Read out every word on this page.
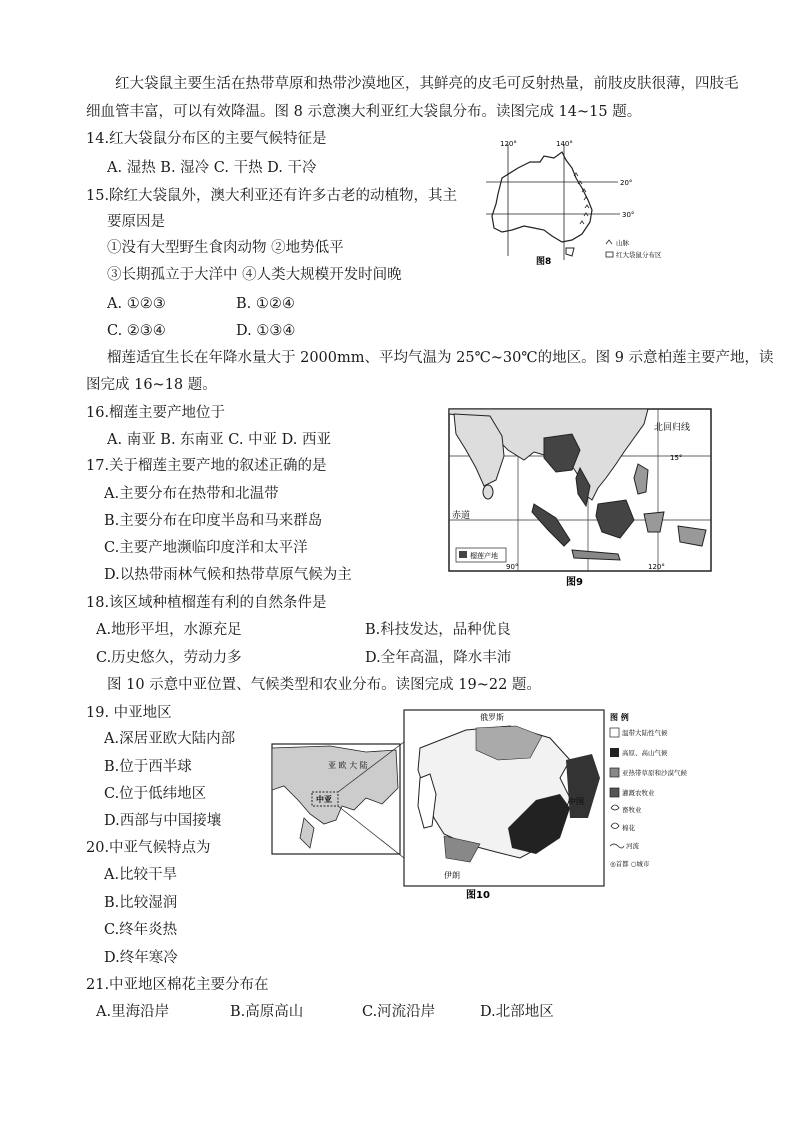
红大袋鼠主要生活在热带草原和热带沙漠地区，其鲜亮的皮毛可反射热量，前肢皮肤很薄，四肢毛
细血管丰富，可以有效降温。图 8 示意澳大利亚红大袋鼠分布。读图完成 14~15 题。
14.红大袋鼠分布区的主要气候特征是
A. 湿热 B. 湿冷 C. 干热 D. 干冷
15.除红大袋鼠外，澳大利亚还有许多古老的动植物，其主
要原因是
①没有大型野生食肉动物 ②地势低平
③长期孤立于大洋中 ④人类大规模开发时间晚
A. ①②③	B. ①②④
C. ②③④	D. ①③④
120°	140°
20°
30°
山脉
红大袋鼠分布区
图8
榴莲适宜生长在年降水量大于 2000mm、平均气温为 25℃~30℃的地区。图 9 示意柏莲主要产地，读
图完成 16~18 题。
16.榴莲主要产地位于
A. 南亚 B. 东南亚 C. 中亚 D. 西亚
17.关于榴莲主要产地的叙述正确的是
A.主要分布在热带和北温带
B.主要分布在印度半岛和马来群岛
C.主要产地濒临印度洋和太平洋
D.以热带雨林气候和热带草原气候为主
北回归线
15°
赤道
90°	120°
榴莲产地
图9
18.该区域种植榴莲有利的自然条件是
A.地形平坦，水源充足	B.科技发达，品种优良
C.历史悠久，劳动力多	D.全年高温，降水丰沛
图 10 示意中亚位置、气候类型和农业分布。读图完成 19~22 题。
19. 中亚地区
A.深居亚欧大陆内部
B.位于西半球
C.位于低纬地区
D.西部与中国接壤
亚 欧 大 陆
中亚
俄罗斯
中国
伊朗
图 例
温带大陆性气候
高原、高山气候
亚热带草原和沙漠气候
灌溉农牧业
畜牧业
棉花
河流
◎首都 ○城市
图10
20.中亚气候特点为
A.比较干旱
B.比较湿润
C.终年炎热
D.终年寒冷
21.中亚地区棉花主要分布在
A.里海沿岸	B.高原高山	C.河流沿岸	D.北部地区
